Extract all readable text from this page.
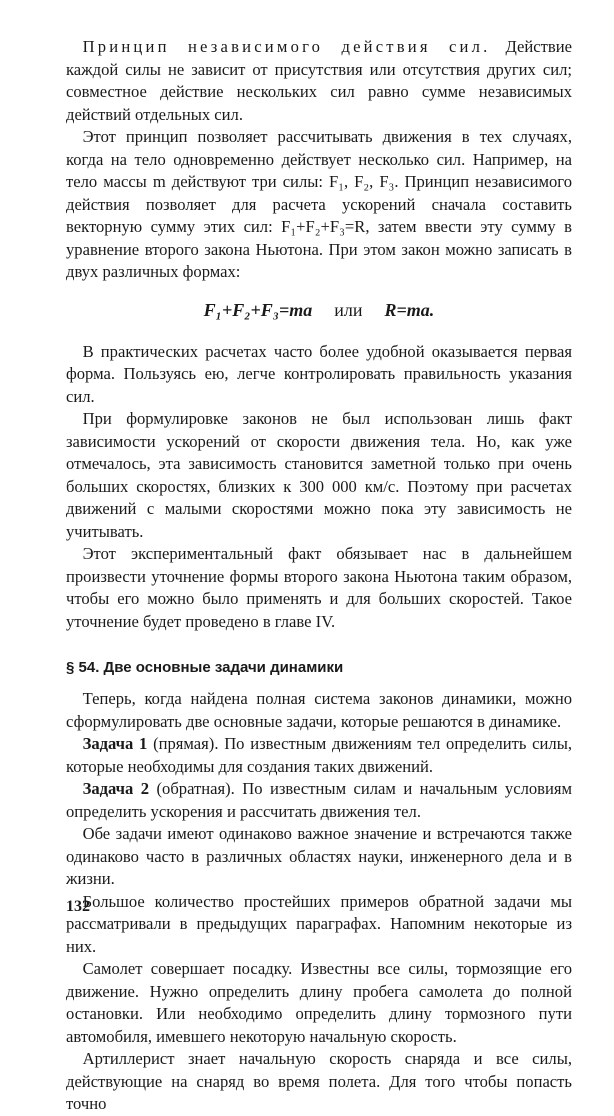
 Принцип независимого действия сил. Действие каждой силы не зависит от присутствия или отсутствия других сил; совместное действие нескольких сил равно сумме независимых действий отдельных сил.

 Этот принцип позволяет рассчитывать движения в тех случаях, когда на тело одновременно действует несколько сил. Например, на тело массы m действуют три силы: F₁, F₂, F₃. Принцип независимого действия позволяет для расчета ускорений сначала составить векторную сумму этих сил: F₁+F₂+F₃=R, затем ввести эту сумму в уравнение второго закона Ньютона. При этом закон можно записать в двух различных формах:

F₁+F₂+F₃=ma или R=ma.

 В практических расчетах часто более удобной оказывается первая форма. Пользуясь ею, легче контролировать правильность указания сил.

 При формулировке законов не был использован лишь факт зависимости ускорений от скорости движения тела. Но, как уже отмечалось, эта зависимость становится заметной только при очень больших скоростях, близких к 300 000 км/с. Поэтому при расчетах движений с малыми скоростями можно пока эту зависимость не учитывать.

 Этот экспериментальный факт обязывает нас в дальнейшем произвести уточнение формы второго закона Ньютона таким образом, чтобы его можно было применять и для больших скоростей. Такое уточнение будет проведено в главе IV.

§ 54. Две основные задачи динамики

 Теперь, когда найдена полная система законов динамики, можно сформулировать две основные задачи, которые решаются в динамике.

 Задача 1 (прямая). По известным движениям тел определить силы, которые необходимы для создания таких движений.

 Задача 2 (обратная). По известным силам и начальным условиям определить ускорения и рассчитать движения тел.

 Обе задачи имеют одинаково важное значение и встречаются также одинаково часто в различных областях науки, инженерного дела и в жизни.

 Большое количество простейших примеров обратной задачи мы рассматривали в предыдущих параграфах. Напомним некоторые из них.

 Самолет совершает посадку. Известны все силы, тормозящие его движение. Нужно определить длину пробега самолета до полной остановки. Или необходимо определить длину тормозного пути автомобиля, имевшего некоторую начальную скорость.

 Артиллерист знает начальную скорость снаряда и все силы, действующие на снаряд во время полета. Для того чтобы попасть точно

132
